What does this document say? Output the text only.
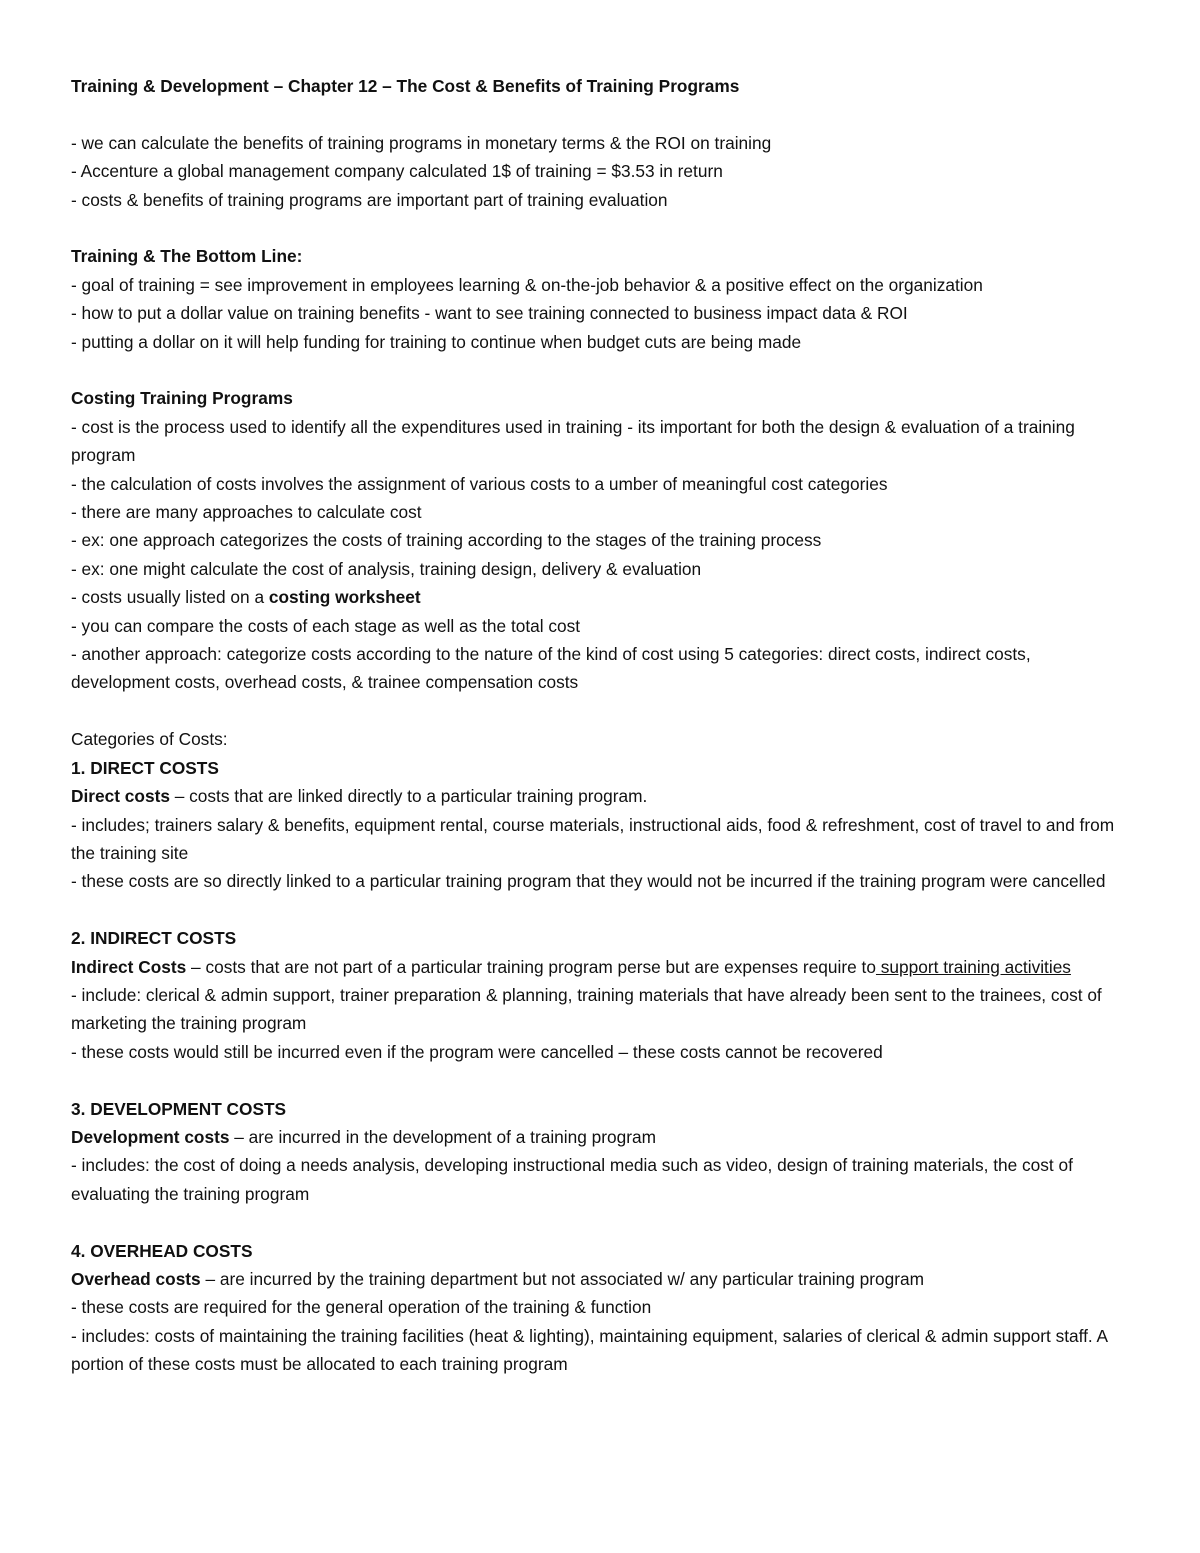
Training & Development – Chapter 12 – The Cost & Benefits of Training Programs

- we can calculate the benefits of training programs in monetary terms & the ROI on training

- Accenture a global management company calculated 1$ of training = $3.53 in return

- costs & benefits of training programs are important part of training evaluation

Training & The Bottom Line:

- goal of training = see improvement in employees learning & on-the-job behavior & a positive effect on the organization

- how to put a dollar value on training benefits - want to see training connected to business impact data & ROI

- putting a dollar on it will help funding for training to continue when budget cuts are being made

Costing Training Programs

- cost is the process used to identify all the expenditures used in training - its important for both the design & evaluation of a training program

- the calculation of costs involves the assignment of various costs to a umber of meaningful cost categories

- there are many approaches to calculate cost

- ex: one approach categorizes the costs of training according to the stages of the training process

- ex: one might calculate the cost of analysis, training design, delivery & evaluation

- costs usually listed on a costing worksheet

- you can compare the costs of each stage as well as the total cost

- another approach: categorize costs according to the nature of the kind of cost using 5 categories: direct costs, indirect costs, development costs, overhead costs, & trainee compensation costs

Categories of Costs:

1. DIRECT COSTS

Direct costs – costs that are linked directly to a particular training program.

- includes; trainers salary & benefits, equipment rental, course materials, instructional aids, food & refreshment, cost of travel to and from the training site

- these costs are so directly linked to a particular training program that they would not be incurred if the training program were cancelled

2. INDIRECT COSTS

Indirect Costs – costs that are not part of a particular training program perse but are expenses require to support training activities

- include: clerical & admin support, trainer preparation & planning, training materials that have already been sent to the trainees, cost of marketing the training program

- these costs would still be incurred even if the program were cancelled – these costs cannot be recovered

3. DEVELOPMENT COSTS

Development costs – are incurred in the development of a training program

- includes: the cost of doing a needs analysis, developing instructional media such as video, design of training materials, the cost of evaluating the training program

4. OVERHEAD COSTS

Overhead costs – are incurred by the training department but not associated w/ any particular training program

- these costs are required for the general operation of the training & function

- includes: costs of maintaining the training facilities (heat & lighting), maintaining equipment, salaries of clerical & admin support staff. A portion of these costs must be allocated to each training program
